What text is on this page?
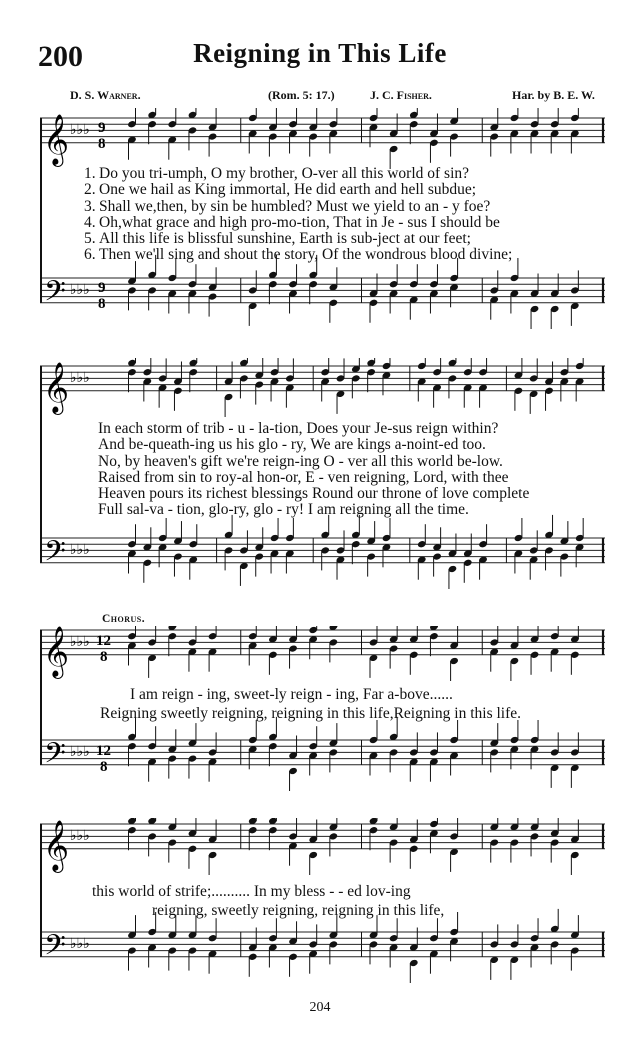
200	Reigning in This Life
D. S. Warner.	(Rom. 5: 17.)	J. C. Fisher.	Har. by B. E. W.
𝄞
𝄢
♭♭♭
♭♭♭
9
8
9
8
1. Do you tri-umph, O my brother, O-ver all this world of sin?
2. One we hail as King immortal, He did earth and hell subdue;
3. Shall we,then, by sin be humbled? Must we yield to an - y foe?
4. Oh,what grace and high pro-mo-tion, That in Je - sus I should be
5. All this life is blissful sunshine, Earth is sub-ject at our feet;
6. Then we'll sing and shout the story, Of the wondrous blood divine;
𝄞
𝄢
♭♭♭
♭♭♭
In each storm of trib - u - la-tion, Does your Je-sus reign within?
And be-queath-ing us his glo - ry, We are kings a-noint-ed too.
No, by heaven's gift we're reign-ing O - ver all this world be-low.
Raised from sin to roy-al hon-or, E - ven reigning, Lord, with thee
Heaven pours its richest blessings Round our throne of love complete
Full sal-va - tion, glo-ry, glo - ry! I am reigning all the time.
Chorus.
𝄞
𝄢
♭♭♭
♭♭♭
12
8
12
8
I am reign - ing, sweet-ly reign - ing, Far a-bove......
Reigning sweetly reigning, reigning in this life,Reigning in this life.
𝄞
𝄢
♭♭♭
♭♭♭
this world of strife;.......... In my bless - - ed lov-ing
reigning, sweetly reigning, reigning in this life,
204
